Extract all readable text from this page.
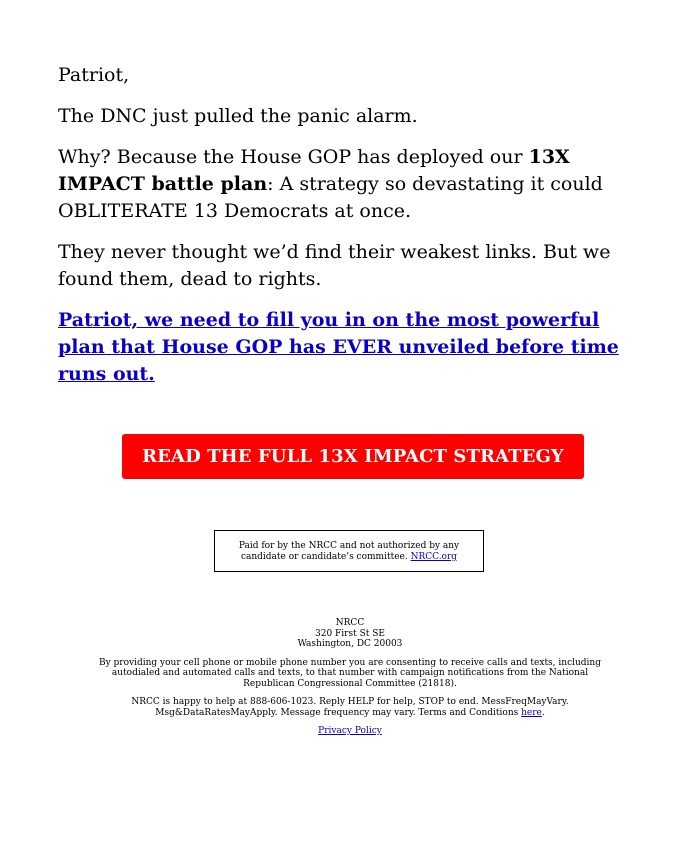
Patriot,

The DNC just pulled the panic alarm.

Why? Because the House GOP has deployed our 13X IMPACT battle plan: A strategy so devastating it could OBLITERATE 13 Democrats at once.

They never thought we’d find their weakest links. But we found them, dead to rights.

Patriot, we need to fill you in on the most powerful plan that House GOP has EVER unveiled before time runs out.

READ THE FULL 13X IMPACT STRATEGY
Paid for by the NRCC and not authorized by any candidate or candidate’s committee. NRCC.org

NRCC
320 First St SE
Washington, DC 20003

By providing your cell phone or mobile phone number you are consenting to receive calls and texts, including autodialed and automated calls and texts, to that number with campaign notifications from the National Republican Congressional Committee (21818).

NRCC is happy to help at 888-606-1023. Reply HELP for help, STOP to end. MessFreqMayVary. Msg&DataRatesMayApply. Message frequency may vary. Terms and Conditions here.

Privacy Policy
